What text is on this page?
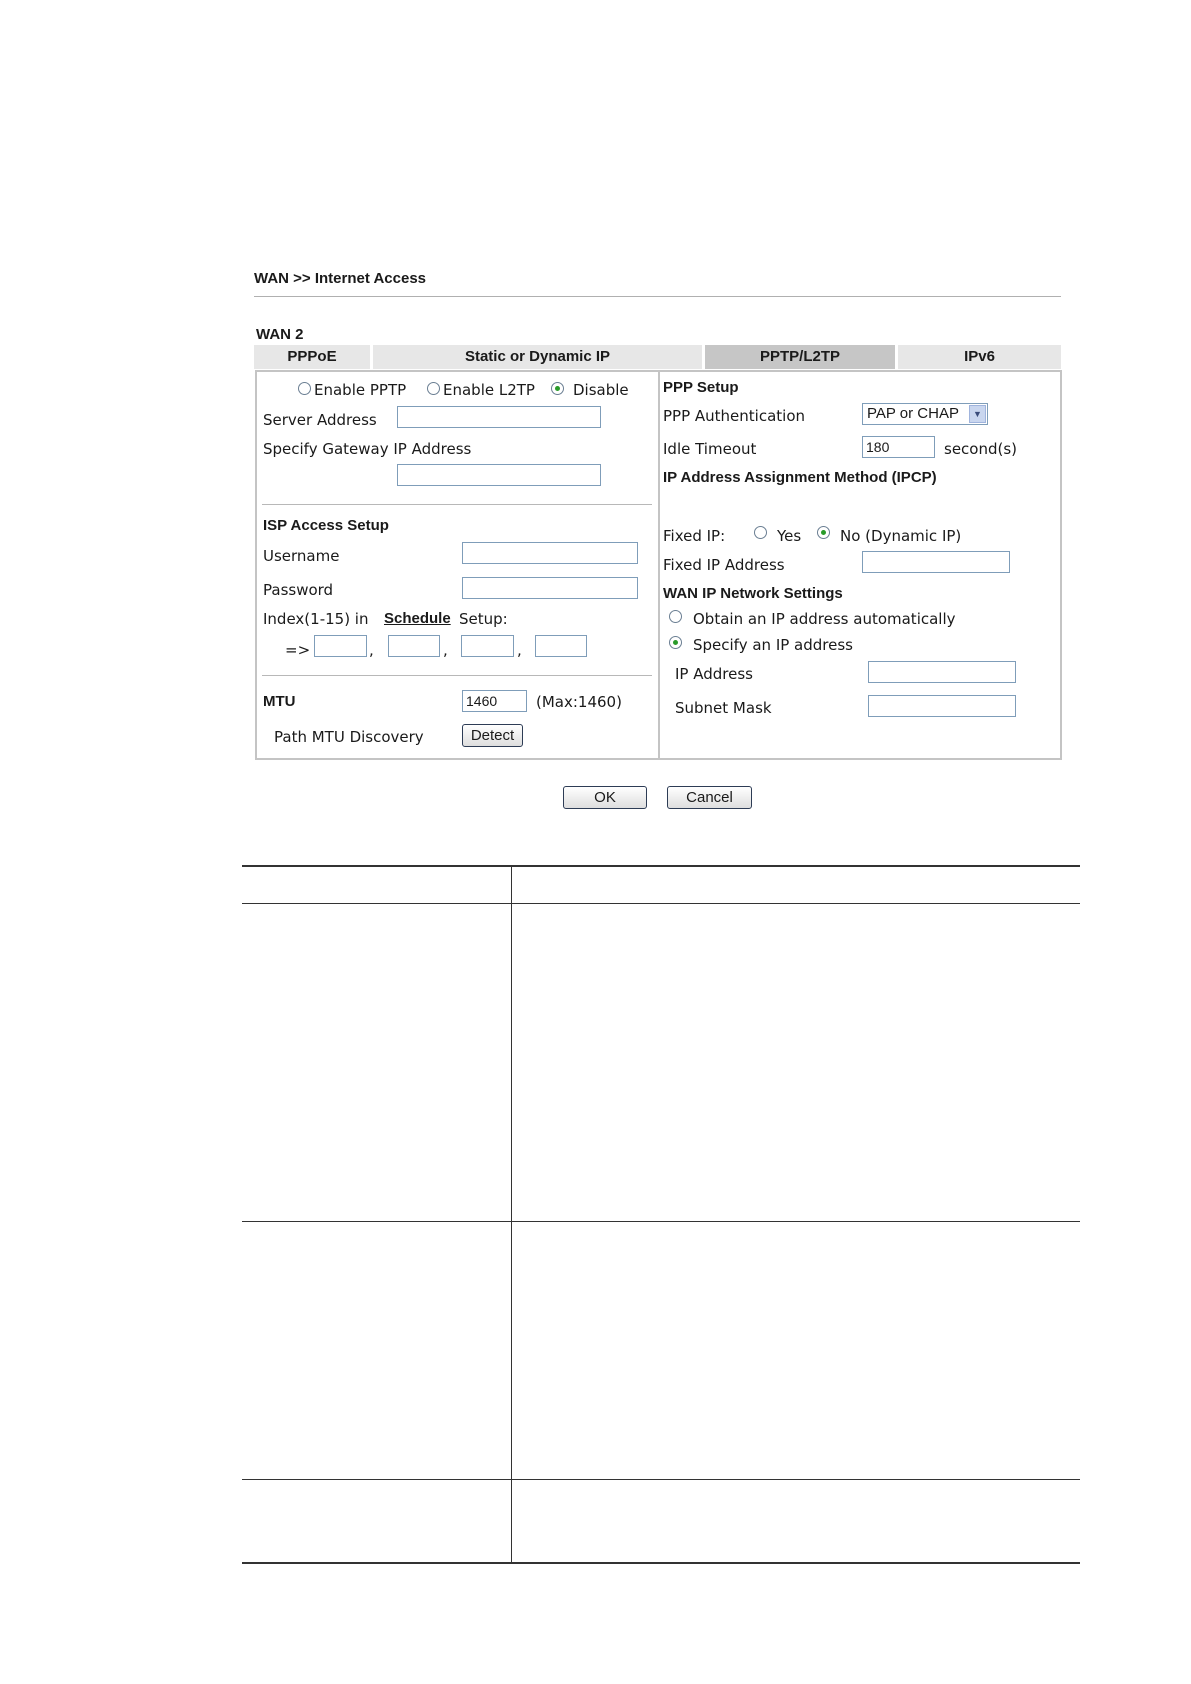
WAN >> Internet Access
WAN 2
PPPoE	Static or Dynamic IP	PPTP/L2TP	IPv6
Enable PPTP Enable L2TP	Disable
Server Address
Specify Gateway IP Address
ISP Access Setup
Username
Password
Index(1-15) in Schedule Setup:
=>	,	,	,
MTU	1460	(Max:1460)
Path MTU Discovery	Detect
PPP Setup
PPP Authentication	PAP or CHAP	▼
Idle Timeout	180	second(s)
IP Address Assignment Method (IPCP)
Fixed IP:	Yes	No (Dynamic IP)
Fixed IP Address
WAN IP Network Settings
Obtain an IP address automatically
Specify an IP address
IP Address
Subnet Mask
OK	Cancel
